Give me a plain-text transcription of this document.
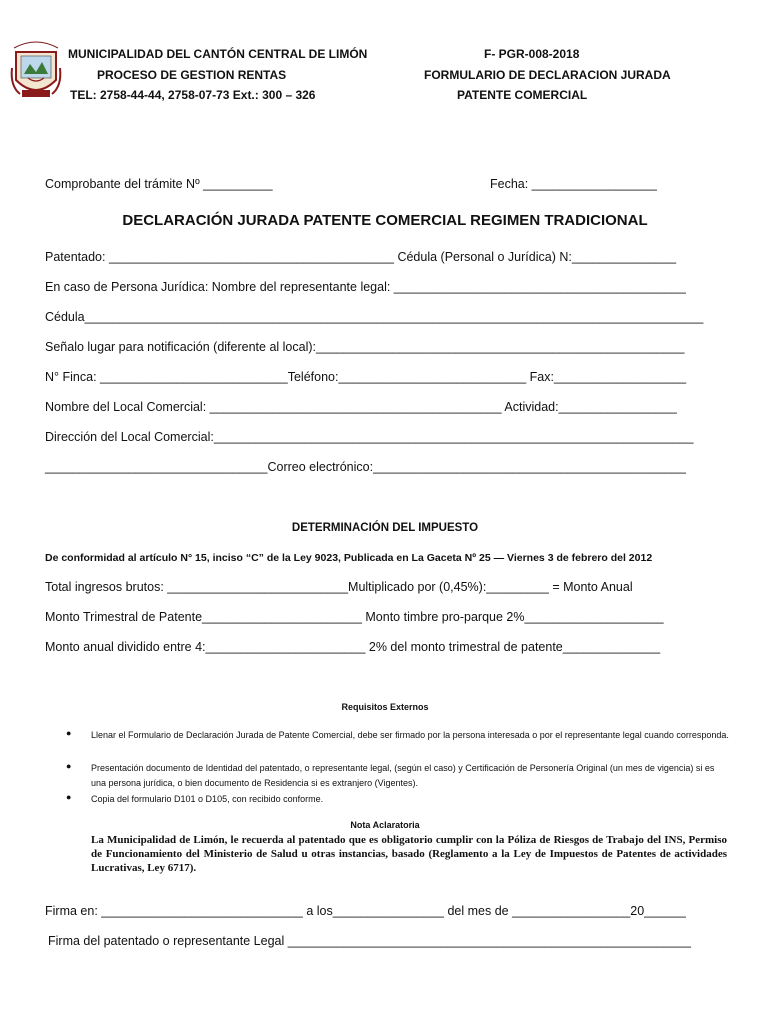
MUNICIPALIDAD DEL CANTÓN CENTRAL DE LIMÓN
PROCESO DE GESTION RENTAS
TEL: 2758-44-44, 2758-07-73 Ext.: 300 – 326
F- PGR-008-2018
FORMULARIO DE DECLARACION JURADA
PATENTE COMERCIAL
Comprobante del trámite Nº __________	Fecha: __________________
DECLARACIÓN JURADA PATENTE COMERCIAL REGIMEN TRADICIONAL
Patentado: _________________________________________ Cédula (Personal o Jurídica) N:_______________
En caso de Persona Jurídica: Nombre del representante legal: __________________________________________
Cédula_________________________________________________________________________________________
Señalo lugar para notificación (diferente al local):_____________________________________________________
N° Finca: ___________________________Teléfono:___________________________ Fax:___________________
Nombre del Local Comercial: __________________________________________ Actividad:_________________
Dirección del Local Comercial:_____________________________________________________________________
________________________________Correo electrónico:_____________________________________________
DETERMINACIÓN DEL IMPUESTO
De conformidad al artículo N° 15, inciso “C” de la Ley 9023, Publicada en La Gaceta Nº 25 — Viernes 3 de febrero del 2012
Total ingresos brutos: __________________________Multiplicado por (0,45%):_________ = Monto Anual
Monto Trimestral de Patente_______________________ Monto timbre pro-parque 2%____________________
Monto anual dividido entre 4:_______________________ 2% del monto trimestral de patente______________
Requisitos Externos
● Llenar el Formulario de Declaración Jurada de Patente Comercial, debe ser firmado por la persona interesada o por el representante legal cuando corresponda.
● Presentación documento de Identidad del patentado, o representante legal, (según el caso) y Certificación de Personería Original (un mes de vigencia) si es una persona jurídica, o bien documento de Residencia si es extranjero (Vigentes).
● Copia del formulario D101 o D105, con recibido conforme.
Nota Aclaratoria
La Municipalidad de Limón, le recuerda al patentado que es obligatorio cumplir con la Póliza de Riesgos de Trabajo del INS, Permiso de Funcionamiento del Ministerio de Salud u otras instancias, basado (Reglamento a la Ley de Impuestos de Patentes de actividades Lucrativas, Ley 6717).
Firma en: _____________________________ a los________________ del mes de _________________20______
Firma del patentado o representante Legal __________________________________________________________
